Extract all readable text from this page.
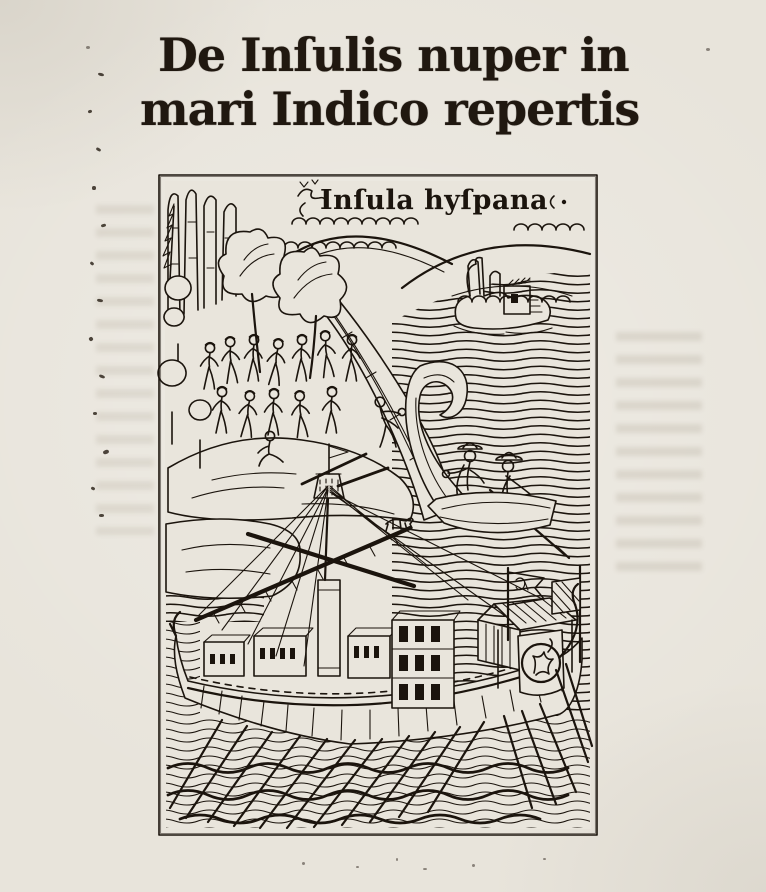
De Inſulis nuper in
mari Indico repertis
Inſula hyſpana
